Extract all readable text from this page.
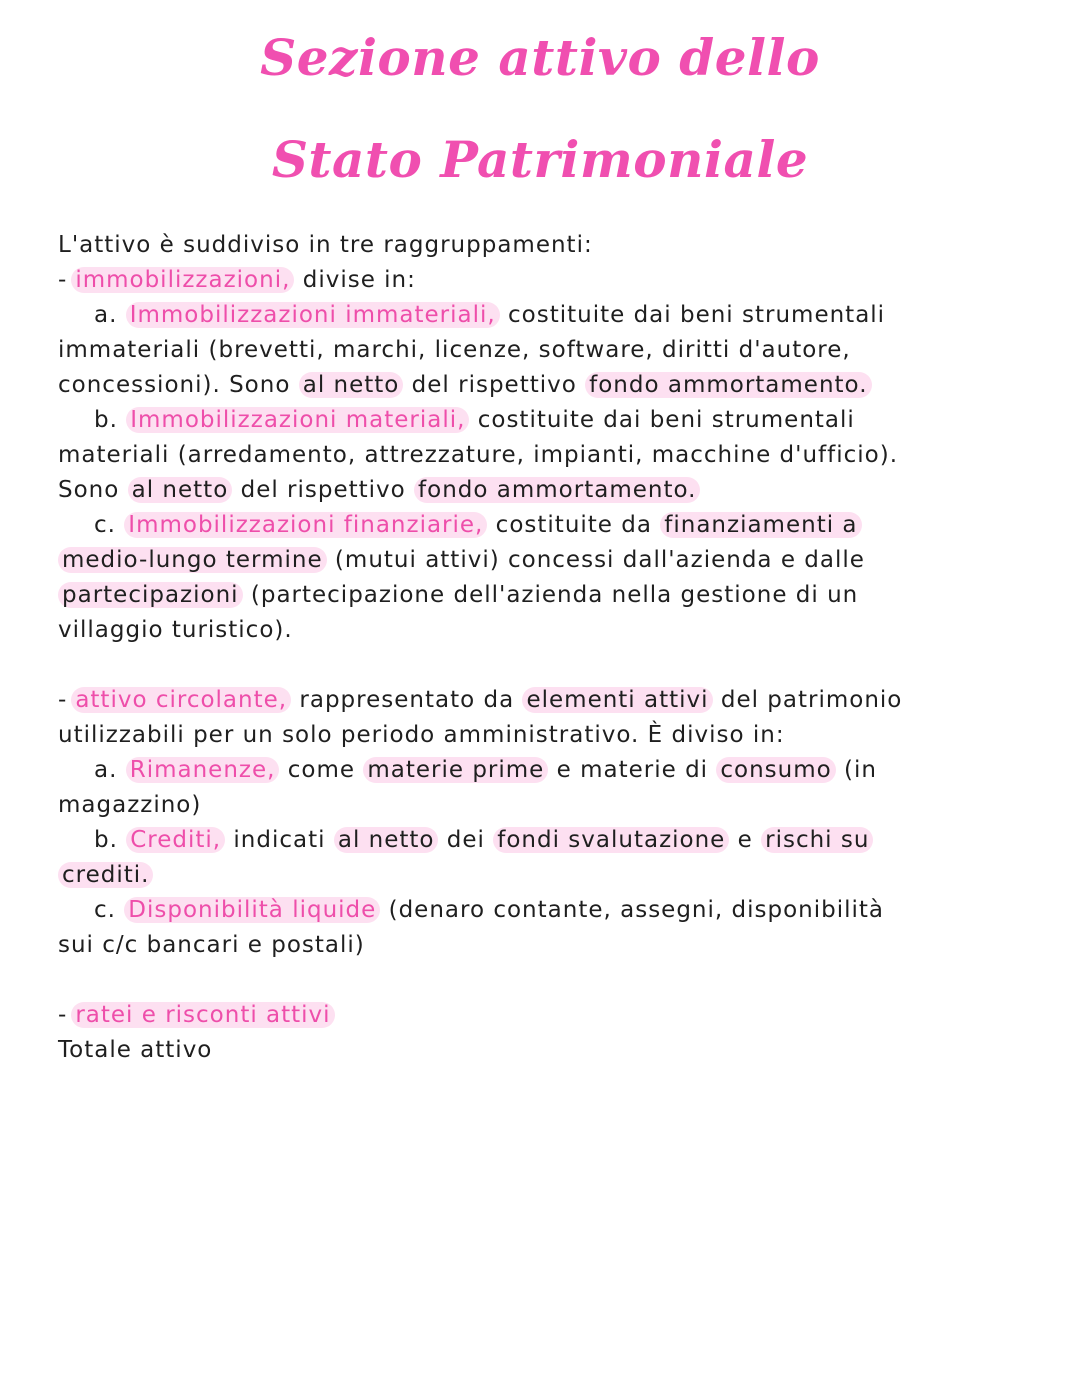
Sezione attivo dello
Stato Patrimoniale

L'attivo è suddiviso in tre raggruppamenti:

- immobilizzazioni, divise in:

a. Immobilizzazioni immateriali, costituite dai beni strumentali immateriali (brevetti, marchi, licenze, software, diritti d'autore, concessioni). Sono al netto del rispettivo fondo ammortamento.

b. Immobilizzazioni materiali, costituite dai beni strumentali materiali (arredamento, attrezzature, impianti, macchine d'ufficio). Sono al netto del rispettivo fondo ammortamento.

c. Immobilizzazioni finanziarie, costituite da finanziamenti a medio-lungo termine (mutui attivi) concessi dall'azienda e dalle partecipazioni (partecipazione dell'azienda nella gestione di un villaggio turistico).

- attivo circolante, rappresentato da elementi attivi del patrimonio utilizzabili per un solo periodo amministrativo. È diviso in:

a. Rimanenze, come materie prime e materie di consumo (in magazzino)

b. Crediti, indicati al netto dei fondi svalutazione e rischi su crediti.

c. Disponibilità liquide (denaro contante, assegni, disponibilità sui c/c bancari e postali)

- ratei e risconti attivi

Totale attivo
